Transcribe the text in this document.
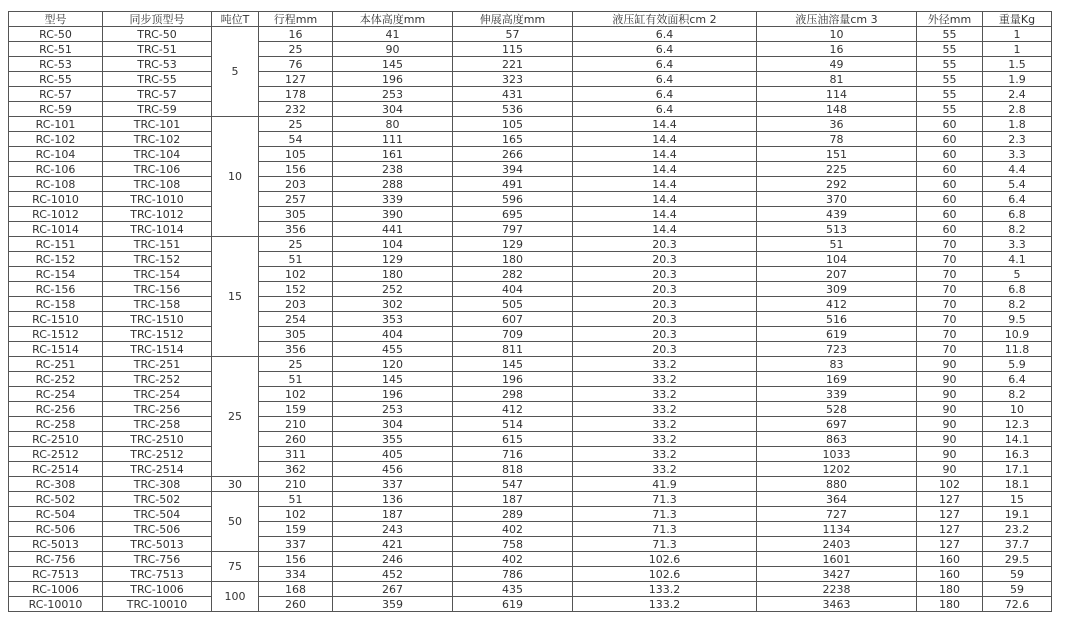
型号	同步顶型号	吨位T	行程mm	本体高度mm	伸展高度mm	液压缸有效面积cm 2	液压油溶量cm 3	外径mm	重量Kg
RC-50	TRC-50	5	16	41	57	6.4	10	55	1
RC-51	TRC-51		25	90	115	6.4	16	55	1
RC-53	TRC-53		76	145	221	6.4	49	55	1.5
RC-55	TRC-55		127	196	323	6.4	81	55	1.9
RC-57	TRC-57		178	253	431	6.4	114	55	2.4
RC-59	TRC-59		232	304	536	6.4	148	55	2.8
RC-101	TRC-101	10	25	80	105	14.4	36	60	1.8
RC-102	TRC-102		54	111	165	14.4	78	60	2.3
RC-104	TRC-104		105	161	266	14.4	151	60	3.3
RC-106	TRC-106		156	238	394	14.4	225	60	4.4
RC-108	TRC-108		203	288	491	14.4	292	60	5.4
RC-1010	TRC-1010		257	339	596	14.4	370	60	6.4
RC-1012	TRC-1012		305	390	695	14.4	439	60	6.8
RC-1014	TRC-1014		356	441	797	14.4	513	60	8.2
RC-151	TRC-151	15	25	104	129	20.3	51	70	3.3
RC-152	TRC-152		51	129	180	20.3	104	70	4.1
RC-154	TRC-154		102	180	282	20.3	207	70	5
RC-156	TRC-156		152	252	404	20.3	309	70	6.8
RC-158	TRC-158		203	302	505	20.3	412	70	8.2
RC-1510	TRC-1510		254	353	607	20.3	516	70	9.5
RC-1512	TRC-1512		305	404	709	20.3	619	70	10.9
RC-1514	TRC-1514		356	455	811	20.3	723	70	11.8
RC-251	TRC-251	25	25	120	145	33.2	83	90	5.9
RC-252	TRC-252		51	145	196	33.2	169	90	6.4
RC-254	TRC-254		102	196	298	33.2	339	90	8.2
RC-256	TRC-256		159	253	412	33.2	528	90	10
RC-258	TRC-258		210	304	514	33.2	697	90	12.3
RC-2510	TRC-2510		260	355	615	33.2	863	90	14.1
RC-2512	TRC-2512		311	405	716	33.2	1033	90	16.3
RC-2514	TRC-2514		362	456	818	33.2	1202	90	17.1
RC-308	TRC-308	30	210	337	547	41.9	880	102	18.1
RC-502	TRC-502	50	51	136	187	71.3	364	127	15
RC-504	TRC-504		102	187	289	71.3	727	127	19.1
RC-506	TRC-506		159	243	402	71.3	1134	127	23.2
RC-5013	TRC-5013		337	421	758	71.3	2403	127	37.7
RC-756	TRC-756	75	156	246	402	102.6	1601	160	29.5
RC-7513	TRC-7513		334	452	786	102.6	3427	160	59
RC-1006	TRC-1006	100	168	267	435	133.2	2238	180	59
RC-10010	TRC-10010		260	359	619	133.2	3463	180	72.6
